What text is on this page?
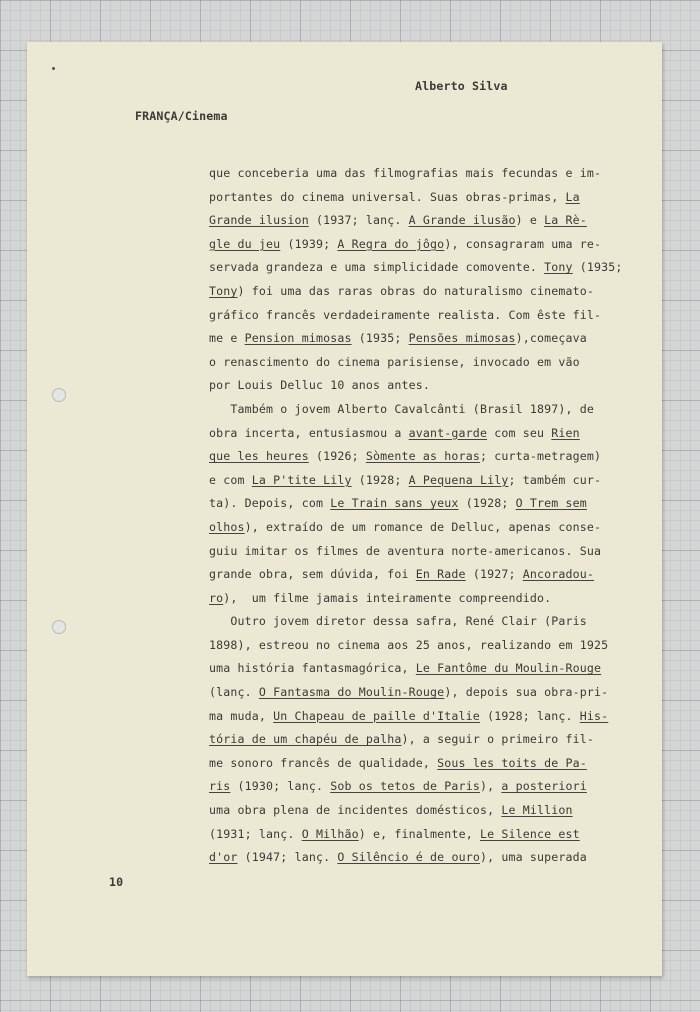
Alberto Silva
FRANÇA/Cinema
que conceberia uma das filmografias mais fecundas e im-
portantes do cinema universal. Suas obras-primas, La
Grande ilusion (1937; lanç. A Grande ilusão) e La Rè-
gle du jeu (1939; A Regra do jôgo), consagraram uma re-
servada grandeza e uma simplicidade comovente. Tony (1935;
Tony) foi uma das raras obras do naturalismo cinemato-
gráfico francês verdadeiramente realista. Com êste fil-
me e Pension mimosas (1935; Pensões mimosas),começava
o renascimento do cinema parisiense, invocado em vão
por Louis Delluc 10 anos antes.
Também o jovem Alberto Cavalcânti (Brasil 1897), de
obra incerta, entusiasmou a avant-garde com seu Rien
que les heures (1926; Sòmente as horas; curta-metragem)
e com La P'tite Lily (1928; A Pequena Lily; também cur-
ta). Depois, com Le Train sans yeux (1928; O Trem sem
olhos), extraído de um romance de Delluc, apenas conse-
guiu imitar os filmes de aventura norte-americanos. Sua
grande obra, sem dúvida, foi En Rade (1927; Ancoradou-
ro),  um filme jamais inteiramente compreendido.
Outro jovem diretor dessa safra, René Clair (Paris
1898), estreou no cinema aos 25 anos, realizando em 1925
uma história fantasmagórica, Le Fantôme du Moulin-Rouge
(lanç. O Fantasma do Moulin-Rouge), depois sua obra-pri-
ma muda, Un Chapeau de paille d'Italie (1928; lanç. His-
tória de um chapéu de palha), a seguir o primeiro fil-
me sonoro francês de qualidade, Sous les toits de Pa-
ris (1930; lanç. Sob os tetos de Paris), a posteriori
uma obra plena de incidentes domésticos, Le Million
(1931; lanç. O Milhão) e, finalmente, Le Silence est
d'or (1947; lanç. O Silêncio é de ouro), uma superada
10
